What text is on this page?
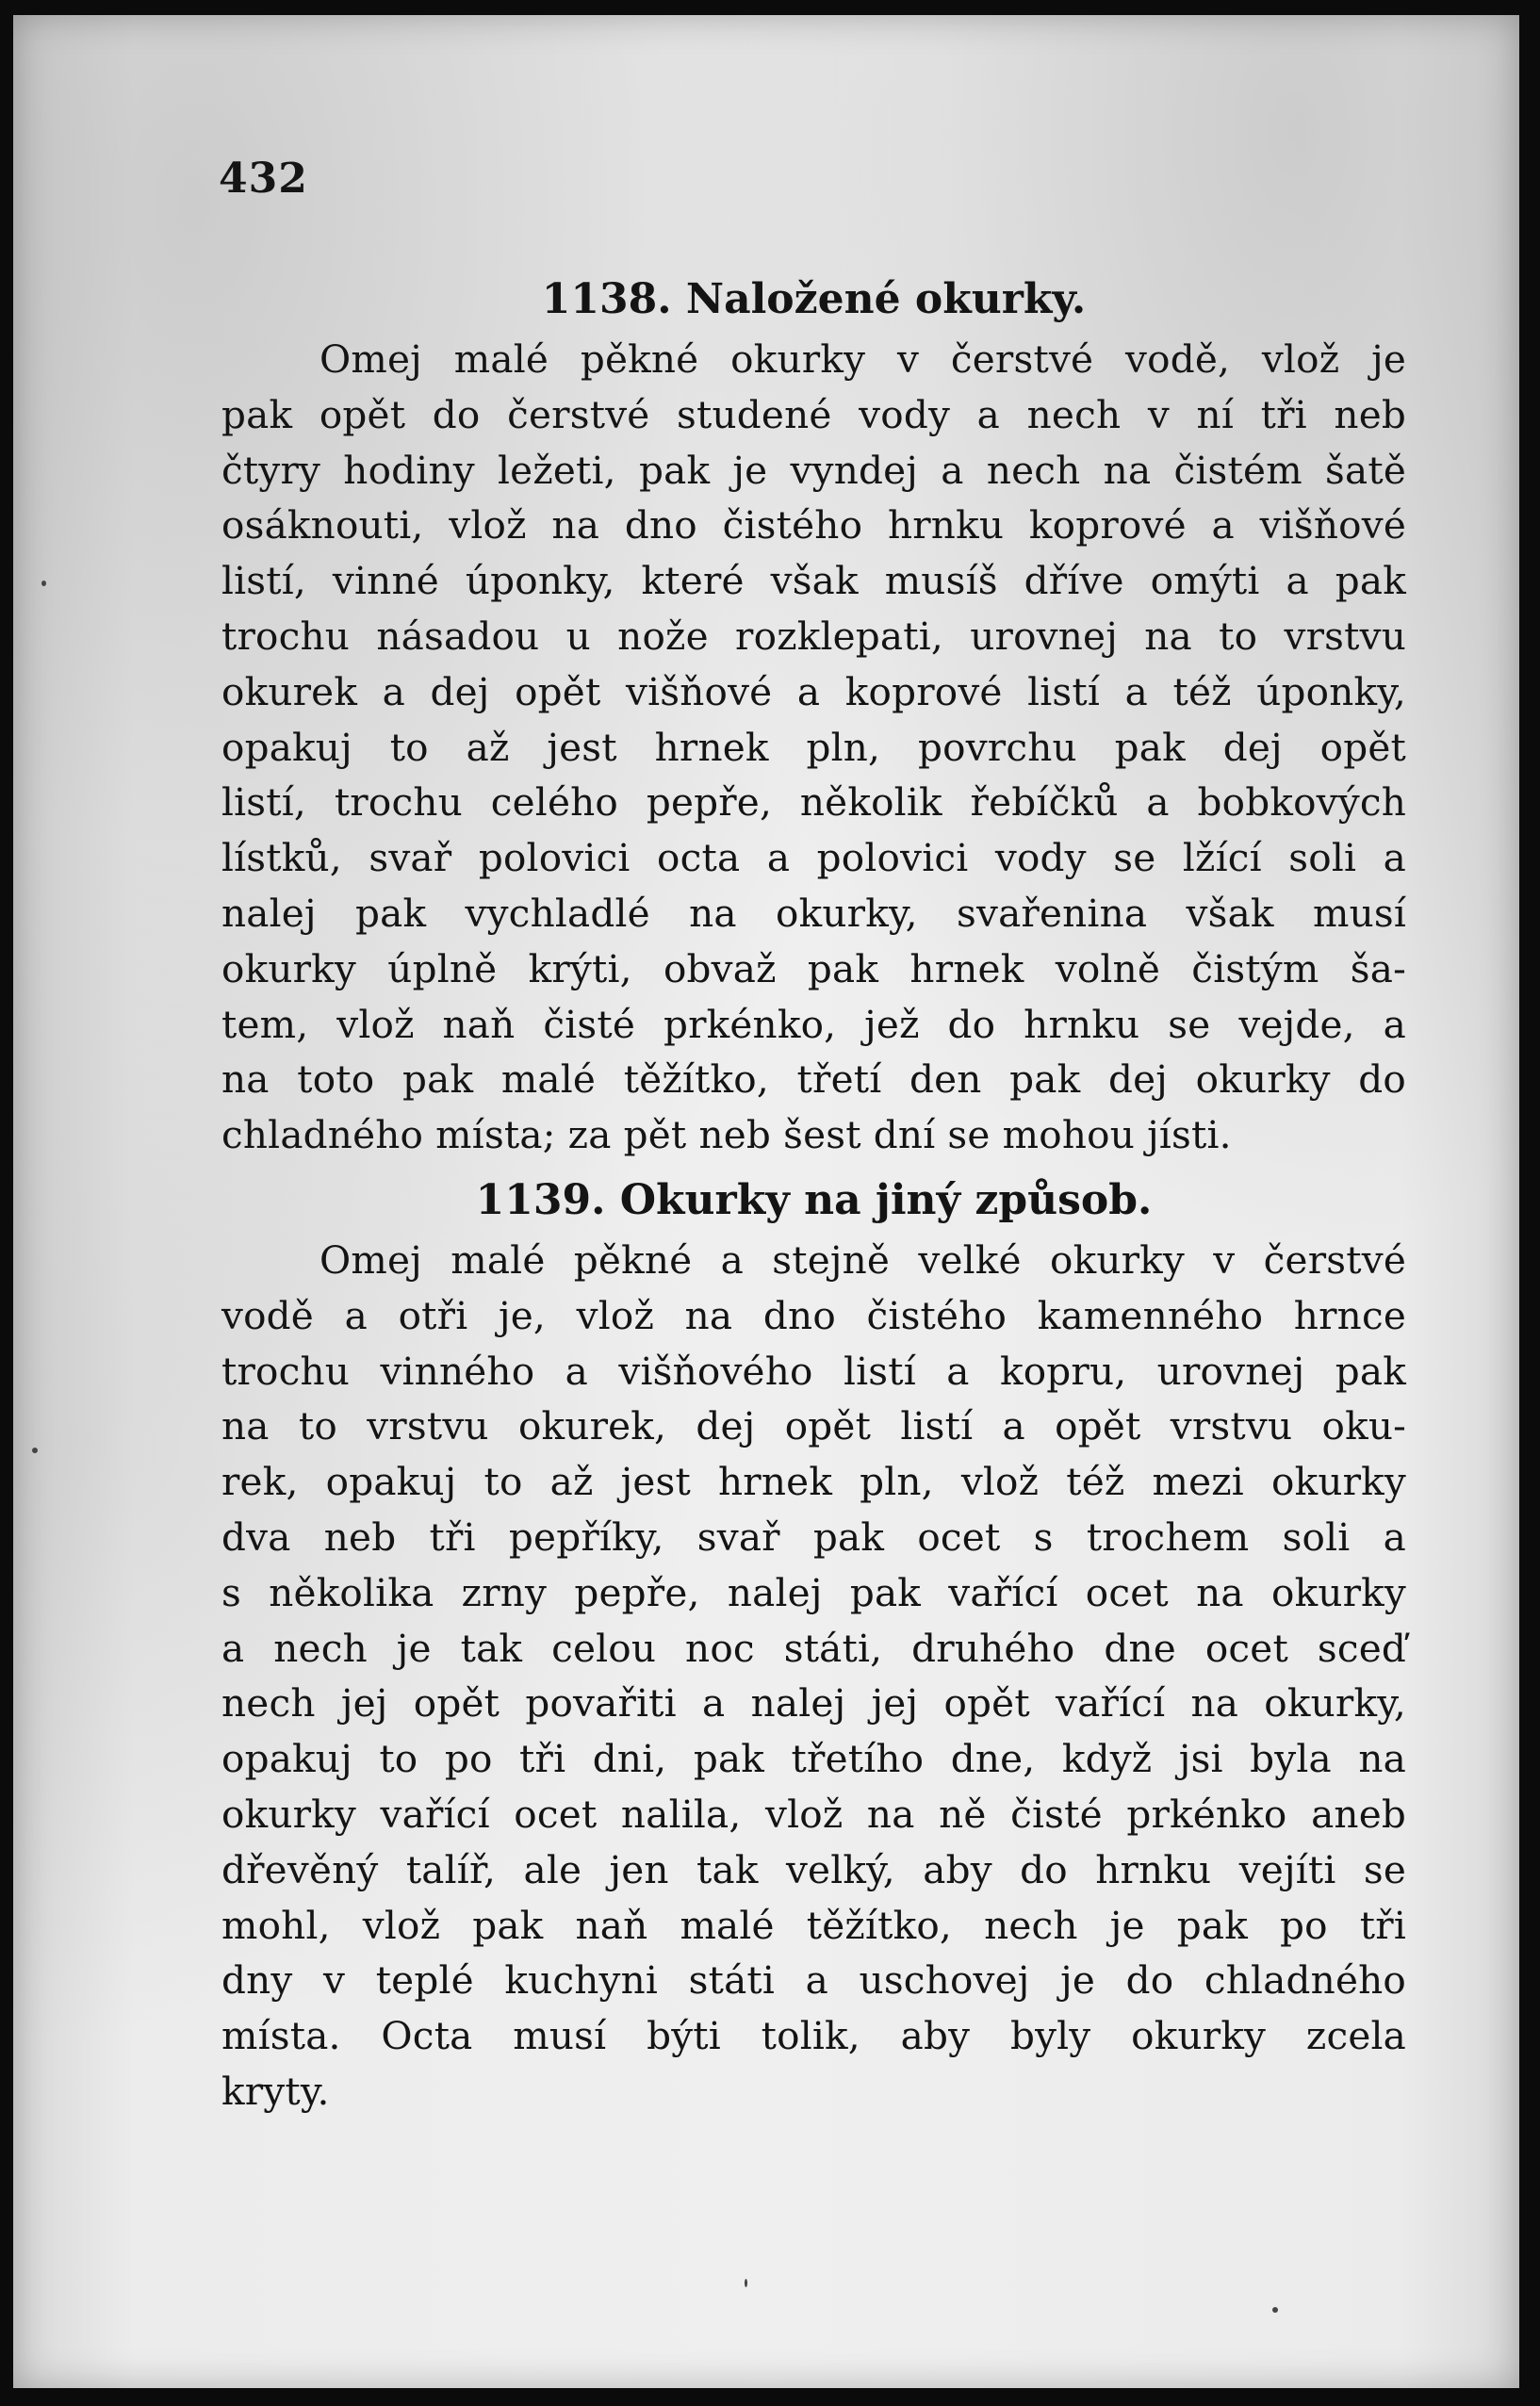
432
1138. Naložené okurky.
Omej malé pěkné okurky v čerstvé vodě, vlož je
pak opět do čerstvé studené vody a nech v ní tři neb
čtyry hodiny ležeti, pak je vyndej a nech na čistém šatě
osáknouti, vlož na dno čistého hrnku koprové a višňové
listí, vinné úponky, které však musíš dříve omýti a pak
trochu násadou u nože rozklepati, urovnej na to vrstvu
okurek a dej opět višňové a koprové listí a též úponky,
opakuj to až jest hrnek pln, povrchu pak dej opět
listí, trochu celého pepře, několik řebíčků a bobkových
lístků, svař polovici octa a polovici vody se lžící soli a
nalej pak vychladlé na okurky, svařenina však musí
okurky úplně krýti, obvaž pak hrnek volně čistým ša-
tem, vlož naň čisté prkénko, jež do hrnku se vejde, a
na toto pak malé těžítko, třetí den pak dej okurky do
chladného místa; za pět neb šest dní se mohou jísti.
1139. Okurky na jiný způsob.
Omej malé pěkné a stejně velké okurky v čerstvé
vodě a otři je, vlož na dno čistého kamenného hrnce
trochu vinného a višňového listí a kopru, urovnej pak
na to vrstvu okurek, dej opět listí a opět vrstvu oku-
rek, opakuj to až jest hrnek pln, vlož též mezi okurky
dva neb tři pepříky, svař pak ocet s trochem soli a
s několika zrny pepře, nalej pak vařící ocet na okurky
a nech je tak celou noc státi, druhého dne ocet sceď
nech jej opět povařiti a nalej jej opět vařící na okurky,
opakuj to po tři dni, pak třetího dne, když jsi byla na
okurky vařící ocet nalila, vlož na ně čisté prkénko aneb
dřevěný talíř, ale jen tak velký, aby do hrnku vejíti se
mohl, vlož pak naň malé těžítko, nech je pak po tři
dny v teplé kuchyni státi a uschovej je do chladného
místa. Octa musí býti tolik, aby byly okurky zcela
kryty.
